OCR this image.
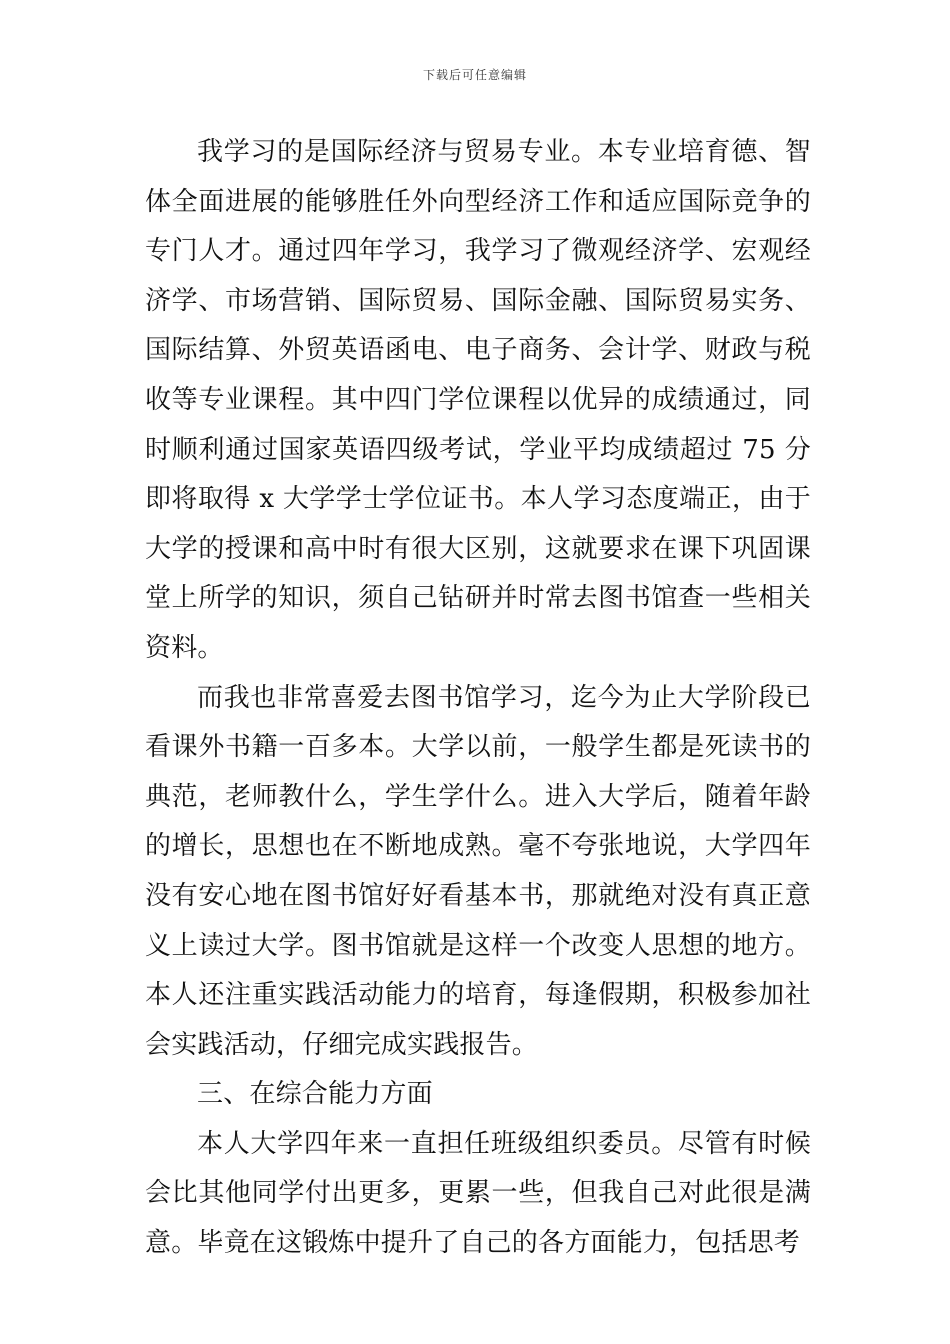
下载后可任意编辑

我学习的是国际经济与贸易专业。本专业培育德、智体全面进展的能够胜任外向型经济工作和适应国际竞争的专门人才。通过四年学习，我学习了微观经济学、宏观经济学、市场营销、国际贸易、国际金融、国际贸易实务、国际结算、外贸英语函电、电子商务、会计学、财政与税收等专业课程。其中四门学位课程以优异的成绩通过，同时顺利通过国家英语四级考试，学业平均成绩超过 75 分即将取得 x 大学学士学位证书。本人学习态度端正，由于大学的授课和高中时有很大区别，这就要求在课下巩固课堂上所学的知识，须自己钻研并时常去图书馆查一些相关资料。

而我也非常喜爱去图书馆学习，迄今为止大学阶段已看课外书籍一百多本。大学以前，一般学生都是死读书的典范，老师教什么，学生学什么。进入大学后，随着年龄的增长，思想也在不断地成熟。毫不夸张地说，大学四年没有安心地在图书馆好好看基本书，那就绝对没有真正意义上读过大学。图书馆就是这样一个改变人思想的地方。本人还注重实践活动能力的培育，每逢假期，积极参加社会实践活动，仔细完成实践报告。

三、在综合能力方面

本人大学四年来一直担任班级组织委员。尽管有时候会比其他同学付出更多，更累一些，但我自己对此很是满意。毕竟在这锻炼中提升了自己的各方面能力，包括思考
